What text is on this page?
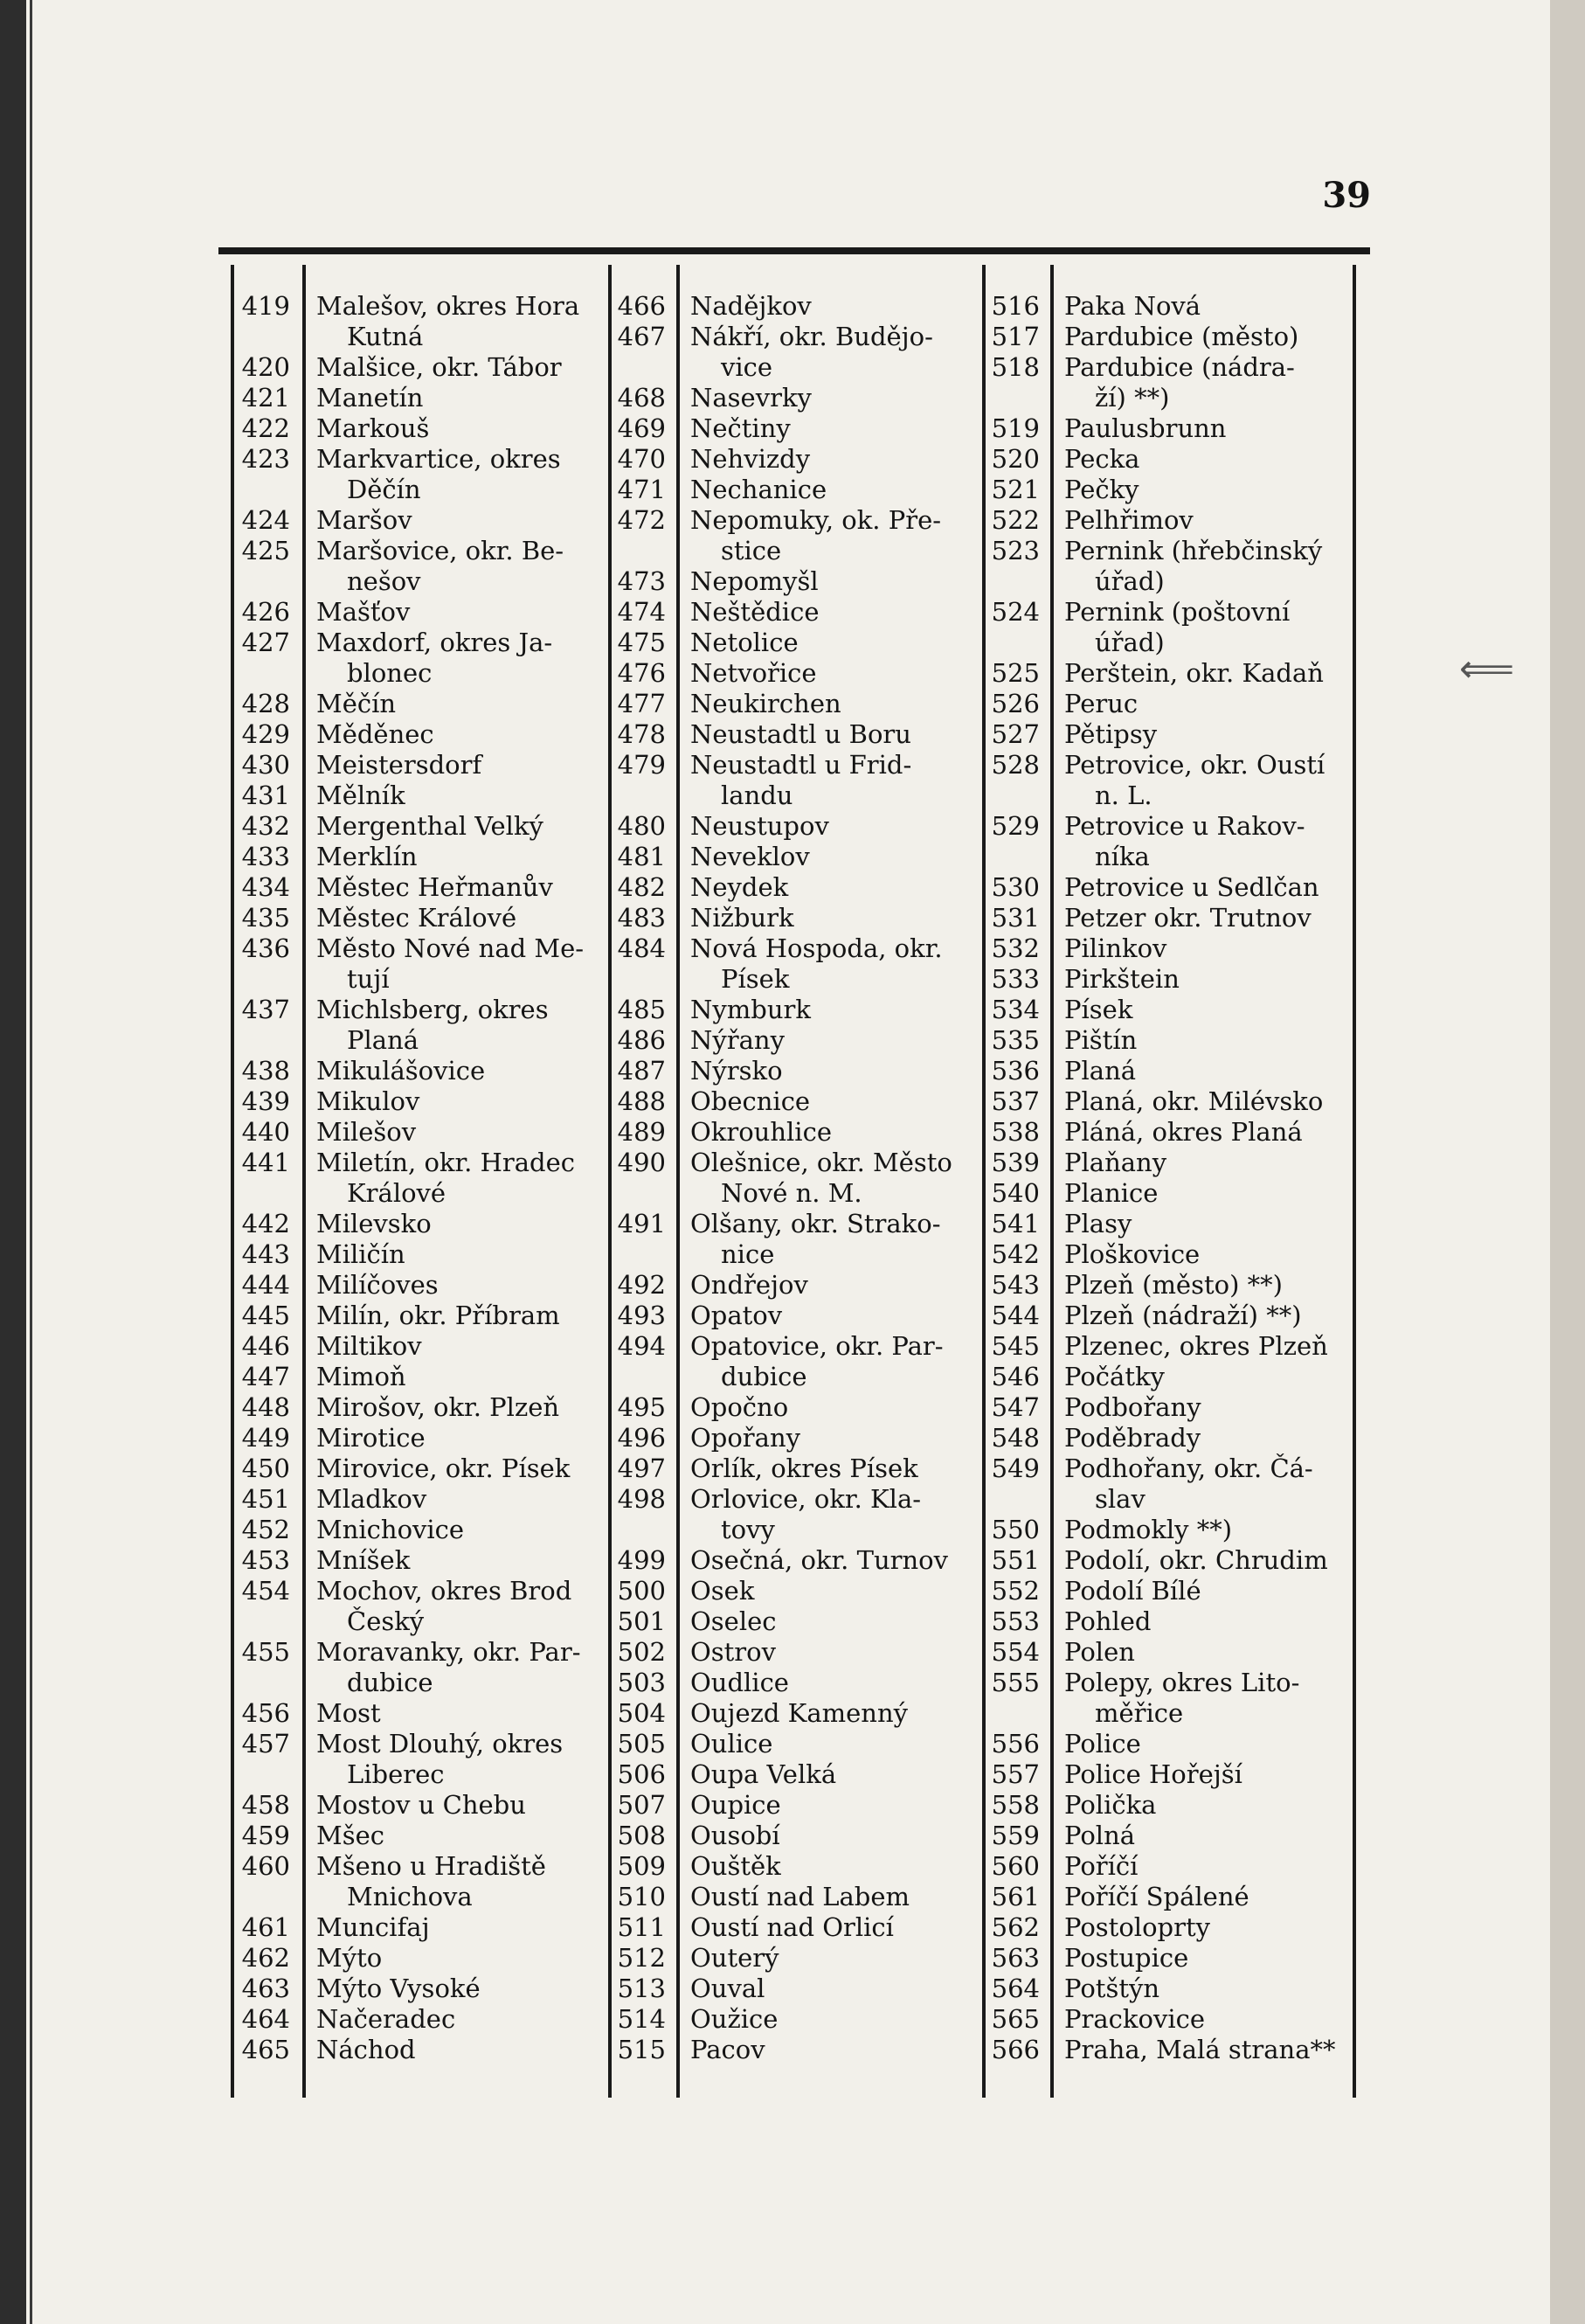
39
⟸
419 Malešov, okres Hora
Kutná
420 Malšice, okr. Tábor
421 Manetín
422 Markouš
423 Markvartice, okres
Děčín
424 Maršov
425 Maršovice, okr. Be-
nešov
426 Mašťov
427 Maxdorf, okres Ja-
blonec
428 Měčín
429 Měděnec
430 Meistersdorf
431 Mělník
432 Mergenthal Velký
433 Merklín
434 Městec Heřmanův
435 Městec Králové
436 Město Nové nad Me-
tují
437 Michlsberg, okres
Planá
438 Mikulášovice
439 Mikulov
440 Milešov
441 Miletín, okr. Hradec
Králové
442 Milevsko
443 Miličín
444 Milíčoves
445 Milín, okr. Příbram
446 Miltikov
447 Mimoň
448 Mirošov, okr. Plzeň
449 Mirotice
450 Mirovice, okr. Písek
451 Mladkov
452 Mnichovice
453 Mníšek
454 Mochov, okres Brod
Český
455 Moravanky, okr. Par-
dubice
456 Most
457 Most Dlouhý, okres
Liberec
458 Mostov u Chebu
459 Mšec
460 Mšeno u Hradiště
Mnichova
461 Muncifaj
462 Mýto
463 Mýto Vysoké
464 Načeradec
465 Náchod
466 Nadějkov
467 Nákří, okr. Budějo-
vice
468 Nasevrky
469 Nečtiny
470 Nehvizdy
471 Nechanice
472 Nepomuky, ok. Pře-
stice
473 Nepomyšl
474 Neštědice
475 Netolice
476 Netvořice
477 Neukirchen
478 Neustadtl u Boru
479 Neustadtl u Frid-
landu
480 Neustupov
481 Neveklov
482 Neydek
483 Nižburk
484 Nová Hospoda, okr.
Písek
485 Nymburk
486 Nýřany
487 Nýrsko
488 Obecnice
489 Okrouhlice
490 Olešnice, okr. Město
Nové n. M.
491 Olšany, okr. Strako-
nice
492 Ondřejov
493 Opatov
494 Opatovice, okr. Par-
dubice
495 Opočno
496 Opořany
497 Orlík, okres Písek
498 Orlovice, okr. Kla-
tovy
499 Osečná, okr. Turnov
500 Osek
501 Oselec
502 Ostrov
503 Oudlice
504 Oujezd Kamenný
505 Oulice
506 Oupa Velká
507 Oupice
508 Ousobí
509 Ouštěk
510 Oustí nad Labem
511 Oustí nad Orlicí
512 Outerý
513 Ouval
514 Oužice
515 Pacov
516 Paka Nová
517 Pardubice (město)
518 Pardubice (nádra-
ží) **)
519 Paulusbrunn
520 Pecka
521 Pečky
522 Pelhřimov
523 Pernink (hřebčinský
úřad)
524 Pernink (poštovní
úřad)
525 Perštein, okr. Kadaň
526 Peruc
527 Pětipsy
528 Petrovice, okr. Oustí
n. L.
529 Petrovice u Rakov-
níka
530 Petrovice u Sedlčan
531 Petzer okr. Trutnov
532 Pilinkov
533 Pirkštein
534 Písek
535 Pištín
536 Planá
537 Planá, okr. Milévsko
538 Pláná, okres Planá
539 Plaňany
540 Planice
541 Plasy
542 Ploškovice
543 Plzeň (město) **)
544 Plzeň (nádraží) **)
545 Plzenec, okres Plzeň
546 Počátky
547 Podbořany
548 Poděbrady
549 Podhořany, okr. Čá-
slav
550 Podmokly **)
551 Podolí, okr. Chrudim
552 Podolí Bílé
553 Pohled
554 Polen
555 Polepy, okres Lito-
měřice
556 Police
557 Police Hořejší
558 Polička
559 Polná
560 Poříčí
561 Poříčí Spálené
562 Postoloprty
563 Postupice
564 Potštýn
565 Prackovice
566 Praha, Malá strana**
